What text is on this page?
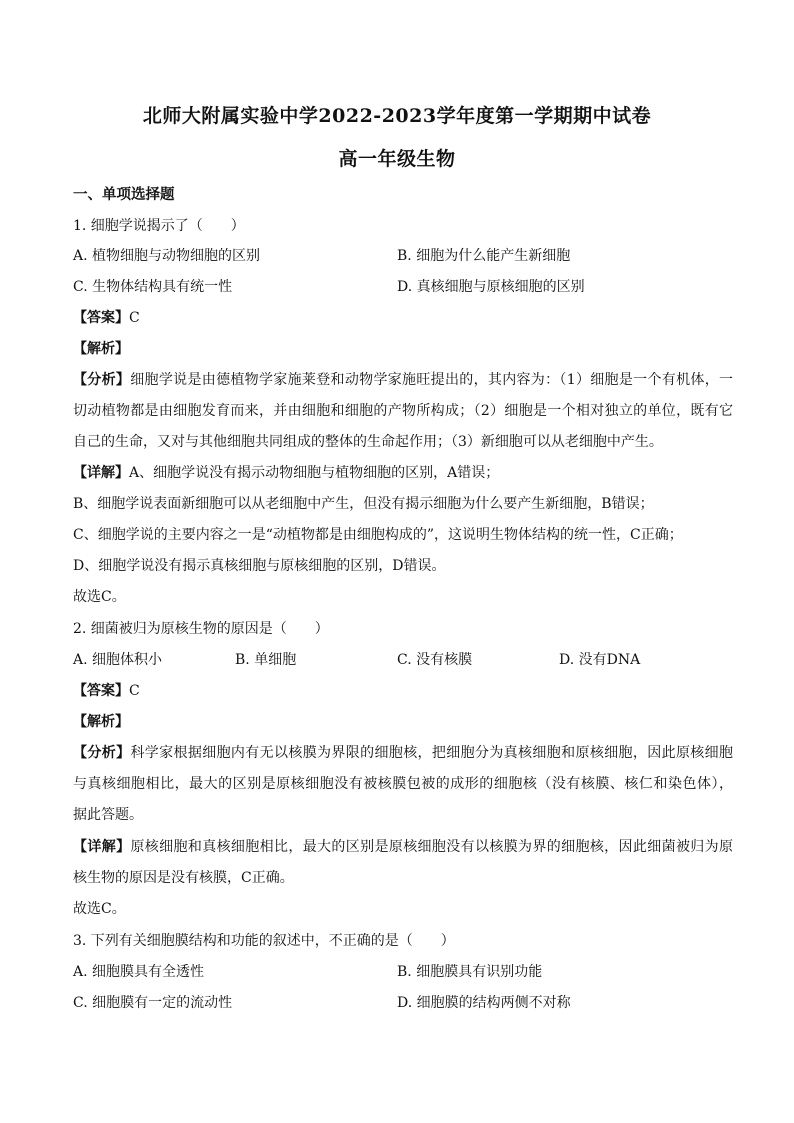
北师大附属实验中学2022-2023学年度第一学期期中试卷
高一年级生物
一、单项选择题
1. 细胞学说揭示了（　　）
A. 植物细胞与动物细胞的区别	B. 细胞为什么能产生新细胞
C. 生物体结构具有统一性	D. 真核细胞与原核细胞的区别
【答案】C
【解析】
【分析】细胞学说是由德植物学家施莱登和动物学家施旺提出的，其内容为：（1）细胞是一个有机体，一
切动植物都是由细胞发育而来，并由细胞和细胞的产物所构成；（2）细胞是一个相对独立的单位，既有它
自己的生命，又对与其他细胞共同组成的整体的生命起作用；（3）新细胞可以从老细胞中产生。
【详解】A、细胞学说没有揭示动物细胞与植物细胞的区别，A错误；
B、细胞学说表面新细胞可以从老细胞中产生，但没有揭示细胞为什么要产生新细胞，B错误；
C、细胞学说的主要内容之一是“动植物都是由细胞构成的”，这说明生物体结构的统一性，C正确；
D、细胞学说没有揭示真核细胞与原核细胞的区别，D错误。
故选C。
2. 细菌被归为原核生物的原因是（　　）
A. 细胞体积小	B. 单细胞	C. 没有核膜	D. 没有DNA
【答案】C
【解析】
【分析】科学家根据细胞内有无以核膜为界限的细胞核，把细胞分为真核细胞和原核细胞，因此原核细胞
与真核细胞相比，最大的区别是原核细胞没有被核膜包被的成形的细胞核（没有核膜、核仁和染色体），
据此答题。
【详解】原核细胞和真核细胞相比，最大的区别是原核细胞没有以核膜为界的细胞核，因此细菌被归为原
核生物的原因是没有核膜，C正确。
故选C。
3. 下列有关细胞膜结构和功能的叙述中，不正确的是（　　）
A. 细胞膜具有全透性	B. 细胞膜具有识别功能
C. 细胞膜有一定的流动性	D. 细胞膜的结构两侧不对称
